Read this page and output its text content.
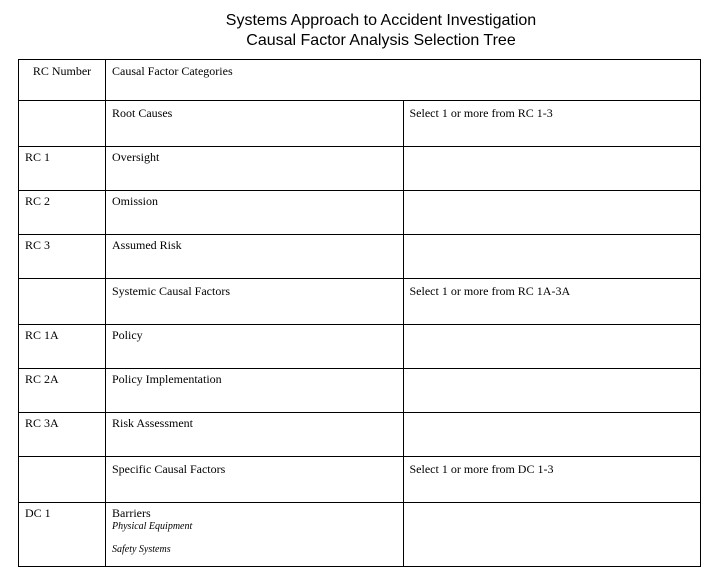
Systems Approach to Accident Investigation
Causal Factor Analysis Selection Tree
RC Number	Causal Factor Categories	
	Root Causes	Select 1 or more from RC 1-3
RC 1	Oversight	
RC 2	Omission	
RC 3	Assumed Risk	
	Systemic Causal Factors	Select 1 or more from RC 1A-3A
RC 1A	Policy	
RC 2A	Policy Implementation	
RC 3A	Risk Assessment	
	Specific Causal Factors	Select 1 or more from DC 1-3
DC 1	Barriers
Physical Equipment
Safety Systems	
